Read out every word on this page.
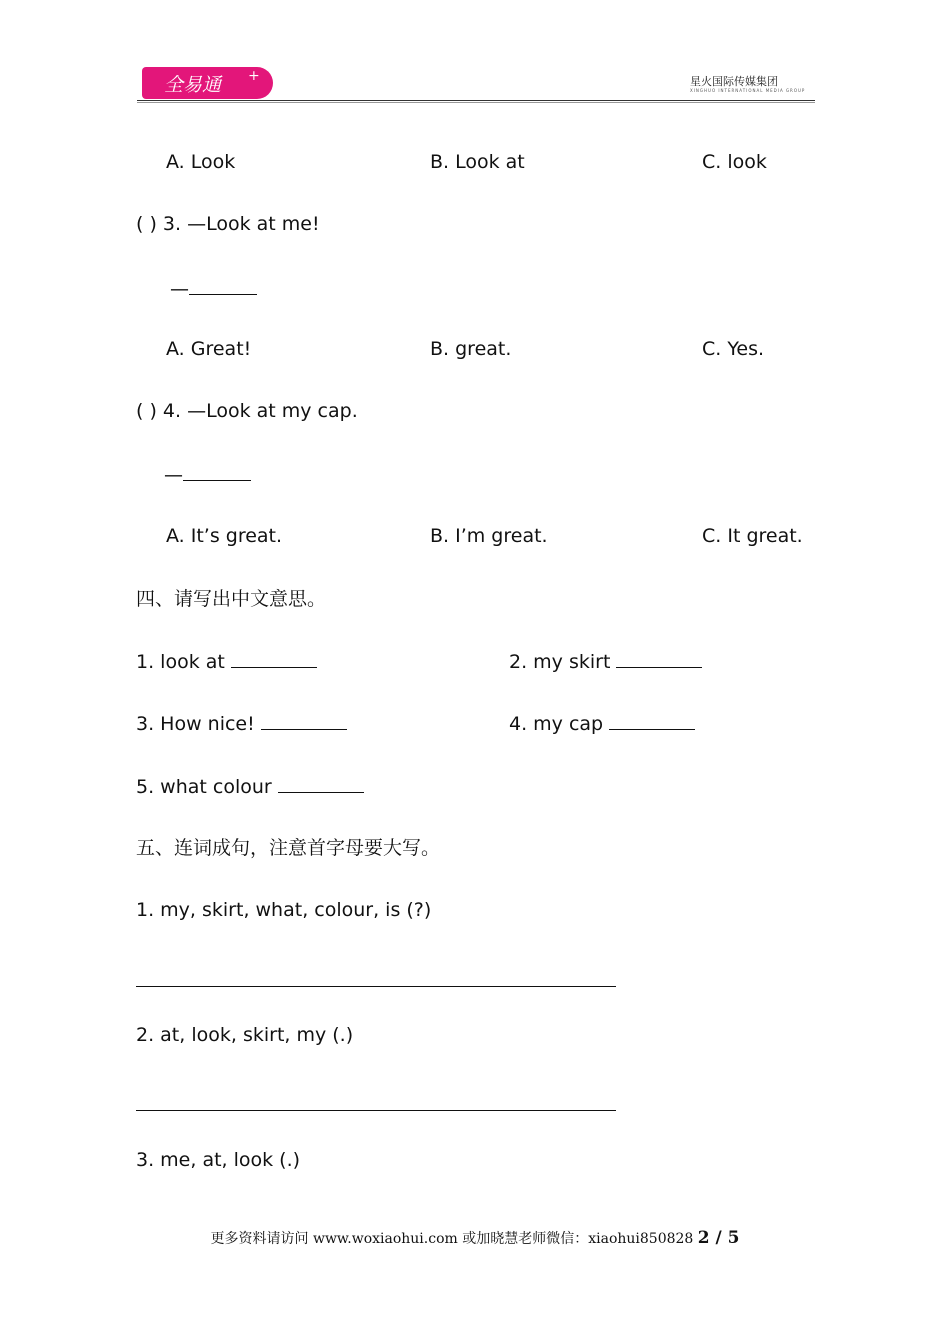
全易通 +	星火国际传媒集团
XINGHUO INTERNATIONAL MEDIA GROUP
A. Look	B. Look at	C. look
( ) 3. —Look at me!
—
A. Great!	B. great.	C. Yes.
( ) 4. —Look at my cap.
—
A. It’s great.	B. I’m great.	C. It great.
四、请写出中文意思。
1. look at	2. my skirt
3. How nice!	4. my cap
5. what colour
五、连词成句，注意首字母要大写。
1. my, skirt, what, colour, is (?)
2. at, look, skirt, my (.)
3. me, at, look (.)
更多资料请访问 www.woxiaohui.com 或加晓慧老师微信：xiaohui850828 2 / 5
